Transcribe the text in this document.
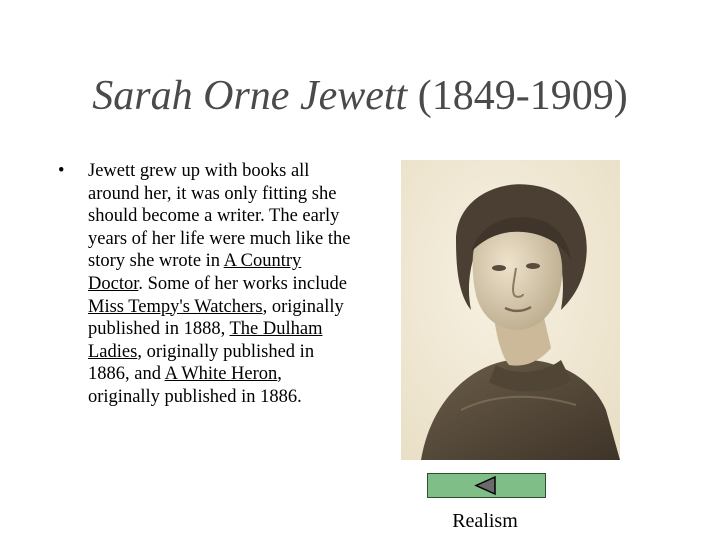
Sarah Orne Jewett (1849-1909)
• Jewett grew up with books all around her, it was only fitting she should become a writer. The early years of her life were much like the story she wrote in A Country Doctor. Some of her works include Miss Tempy's Watchers, originally published in 1888, The Dulham Ladies, originally published in 1886, and A White Heron, originally published in 1886.
Realism
